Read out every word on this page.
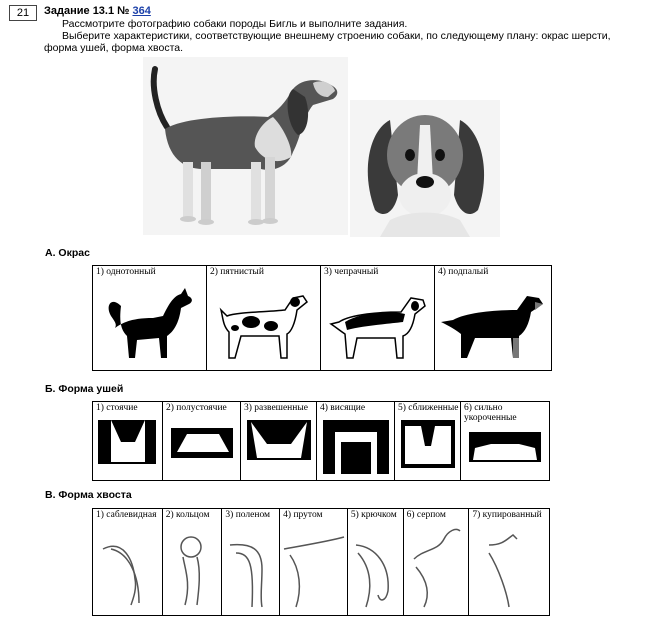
21	Задание 13.1 № 364
Рассмотрите фотографию собаки породы Бигль и выполните задания.
Выберите характеристики, соответствующие внешнему строению собаки, по следующему плану: окрас шерсти,
форма ушей, форма хвоста.
А. Окрас
1) однотонный	2) пятнистый	3) чепрачный	4) подпалый
Б. Форма ушей
1) стоячие	2) полустоячие 3) развешенные 4) висящие	5) сближенные 6) сильно
укороченные
В. Форма хвоста
1) саблевидная 2) кольцом 3) поленом 4) прутом	5) крючком 6) серпом	7) купированный
